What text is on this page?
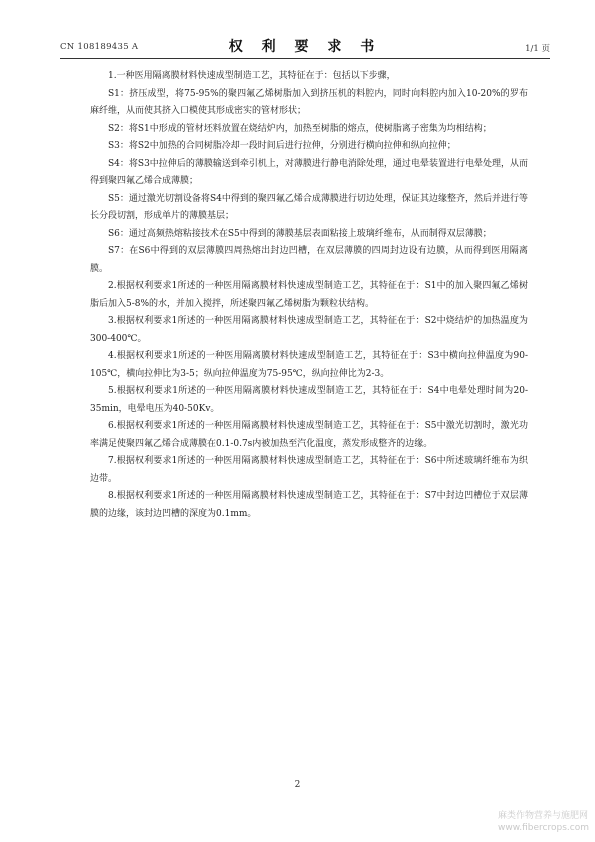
CN 108189435 A	权 利 要 求 书	1/1 页

1.一种医用隔离膜材料快速成型制造工艺，其特征在于：包括以下步骤，

S1：挤压成型，将75-95%的聚四氟乙烯树脂加入到挤压机的料腔内，同时向料腔内加入10-20%的罗布麻纤维，从而使其挤入口模使其形成密实的管材形状；

S2：将S1中形成的管材坯料放置在烧结炉内，加热至树脂的熔点，使树脂离子密集为均相结构；

S3：将S2中加热的合同树脂冷却一段时间后进行拉伸，分别进行横向拉伸和纵向拉伸；

S4：将S3中拉伸后的薄膜输送到牵引机上，对薄膜进行静电消除处理，通过电晕装置进行电晕处理，从而得到聚四氟乙烯合成薄膜；

S5：通过激光切割设备将S4中得到的聚四氟乙烯合成薄膜进行切边处理，保证其边缘整齐，然后并进行等长分段切割，形成单片的薄膜基层；

S6：通过高频热熔粘接技术在S5中得到的薄膜基层表面粘接上玻璃纤维布，从而制得双层薄膜；

S7：在S6中得到的双层薄膜四周热熔出封边凹槽，在双层薄膜的四周封边设有边膜，从而得到医用隔离膜。

2.根据权利要求1所述的一种医用隔离膜材料快速成型制造工艺，其特征在于：S1中的加入聚四氟乙烯树脂后加入5-8%的水，并加入搅拌，所述聚四氟乙烯树脂为颗粒状结构。

3.根据权利要求1所述的一种医用隔离膜材料快速成型制造工艺，其特征在于：S2中烧结炉的加热温度为300-400℃。

4.根据权利要求1所述的一种医用隔离膜材料快速成型制造工艺，其特征在于：S3中横向拉伸温度为90-105℃，横向拉伸比为3-5；纵向拉伸温度为75-95℃，纵向拉伸比为2-3。

5.根据权利要求1所述的一种医用隔离膜材料快速成型制造工艺，其特征在于：S4中电晕处理时间为20-35min，电晕电压为40-50Kv。

6.根据权利要求1所述的一种医用隔离膜材料快速成型制造工艺，其特征在于：S5中激光切割时，激光功率满足使聚四氟乙烯合成薄膜在0.1-0.7s内被加热至汽化温度，蒸发形成整齐的边缘。

7.根据权利要求1所述的一种医用隔离膜材料快速成型制造工艺，其特征在于：S6中所述玻璃纤维布为织边带。

8.根据权利要求1所述的一种医用隔离膜材料快速成型制造工艺，其特征在于：S7中封边凹槽位于双层薄膜的边缘，该封边凹槽的深度为0.1mm。

2
麻类作物营养与施肥网
www.fibercrops.com
